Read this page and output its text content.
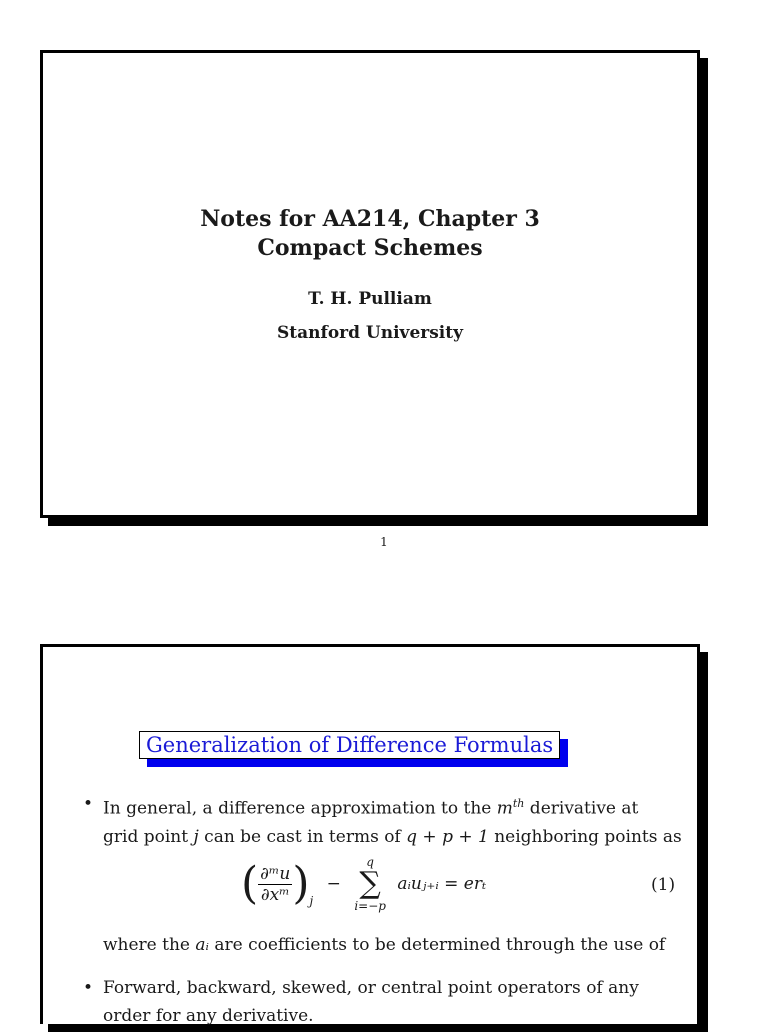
Notes for AA214, Chapter 3
Compact Schemes
T. H. Pulliam
Stanford University
1
Generalization of Difference Formulas
• In general, a difference approximation to the $m^{th}$ derivative at
grid point j can be cast in terms of q + p + 1 neighboring points as
( $\frac{\text{∂ᵐu}}{\text{∂xᵐ}} )_j$ −
q
∑
i=−p
aᵢuⱼ₊ᵢ = erₜ	(1)
where the aᵢ are coefficients to be determined through the use of
• Forward, backward, skewed, or central point operators of any
order for any derivative.
